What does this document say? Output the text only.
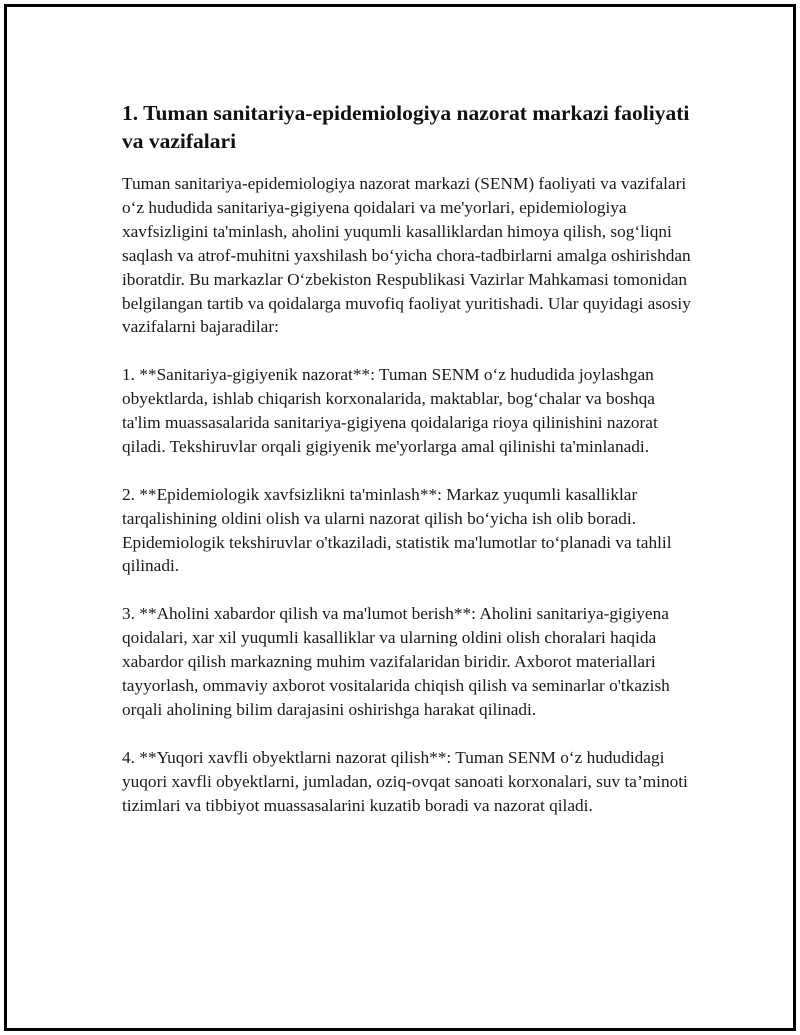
1. Tuman sanitariya-epidemiologiya nazorat markazi faoliyati va vazifalari

Tuman sanitariya-epidemiologiya nazorat markazi (SENM) faoliyati va vazifalari o‘z hududida sanitariya-gigiyena qoidalari va me'yorlari, epidemiologiya xavfsizligini ta'minlash, aholini yuqumli kasalliklardan himoya qilish, sog‘liqni saqlash va atrof-muhitni yaxshilash bo‘yicha chora-tadbirlarni amalga oshirishdan iboratdir. Bu markazlar O‘zbekiston Respublikasi Vazirlar Mahkamasi tomonidan belgilangan tartib va qoidalarga muvofiq faoliyat yuritishadi. Ular quyidagi asosiy vazifalarni bajaradilar:

1. **Sanitariya-gigiyenik nazorat**: Tuman SENM o‘z hududida joylashgan obyektlarda, ishlab chiqarish korxonalarida, maktablar, bog‘chalar va boshqa ta'lim muassasalarida sanitariya-gigiyena qoidalariga rioya qilinishini nazorat qiladi. Tekshiruvlar orqali gigiyenik me'yorlarga amal qilinishi ta'minlanadi.

2. **Epidemiologik xavfsizlikni ta'minlash**: Markaz yuqumli kasalliklar tarqalishining oldini olish va ularni nazorat qilish bo‘yicha ish olib boradi. Epidemiologik tekshiruvlar o'tkaziladi, statistik ma'lumotlar to‘planadi va tahlil qilinadi.

3. **Aholini xabardor qilish va ma'lumot berish**: Aholini sanitariya-gigiyena qoidalari, xar xil yuqumli kasalliklar va ularning oldini olish choralari haqida xabardor qilish markazning muhim vazifalaridan biridir. Axborot materiallari tayyorlash, ommaviy axborot vositalarida chiqish qilish va seminarlar o'tkazish orqali aholining bilim darajasini oshirishga harakat qilinadi.

4. **Yuqori xavfli obyektlarni nazorat qilish**: Tuman SENM o‘z hududidagi yuqori xavfli obyektlarni, jumladan, oziq-ovqat sanoati korxonalari, suv ta’minoti tizimlari va tibbiyot muassasalarini kuzatib boradi va nazorat qiladi.
